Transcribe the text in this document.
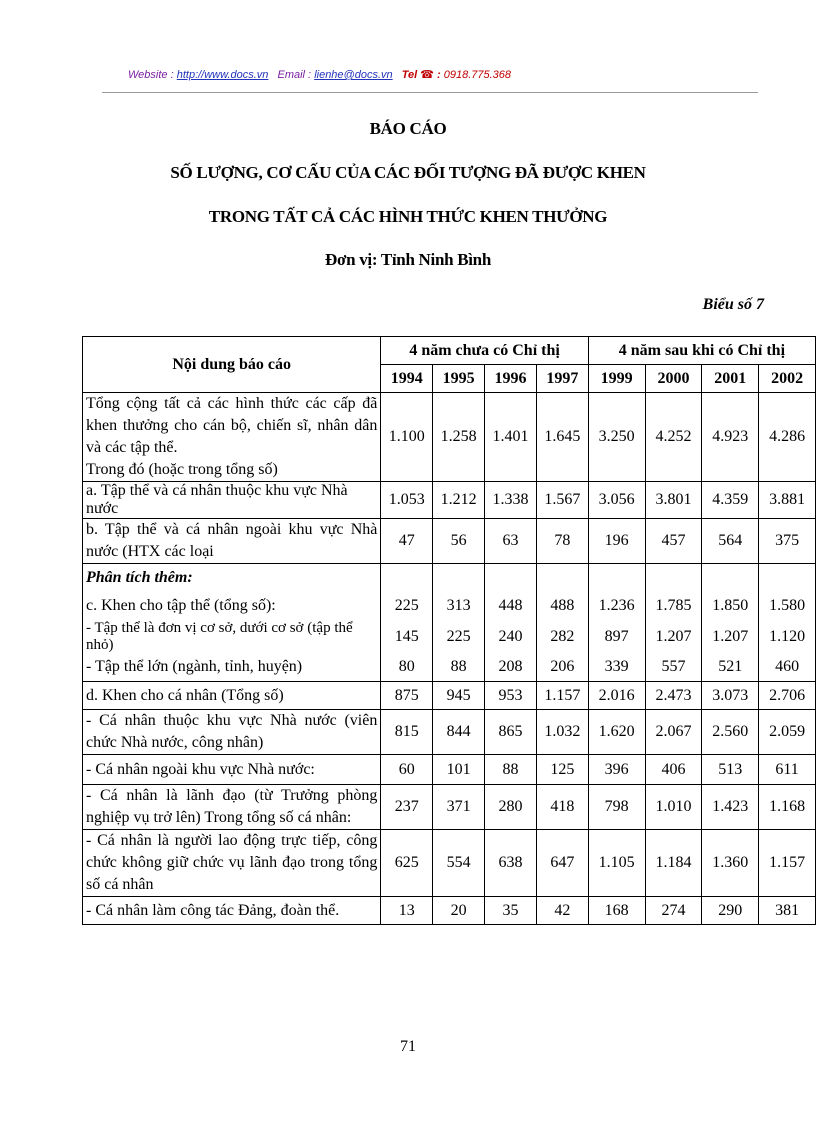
Website : http://www.docs.vn Email : lienhe@docs.vn Tel ☎ : 0918.775.368
BÁO CÁO
SỐ LƯỢNG, CƠ CẤU CỦA CÁC ĐỐI TƯỢNG ĐÃ ĐƯỢC KHEN
TRONG TẤT CẢ CÁC HÌNH THỨC KHEN THƯỞNG
Đơn vị: Tỉnh Ninh Bình
Biểu số 7
Nội dung báo cáo	4 năm chưa có Chỉ thị				4 năm sau khi có Chỉ thị			
	1994	1995	1996	1997	1999	2000	2001	2002

Tổng cộng tất cả các hình thức các cấp đã khen thưởng cho cán bộ, chiến sĩ, nhân dân và các tập thể.
Trong đó (hoặc trong tổng số)	1.100	1.258	1.401	1.645	3.250	4.252	4.923	4.286
a. Tập thể và cá nhân thuộc khu vực Nhà nước	1.053	1.212	1.338	1.567	3.056	3.801	4.359	3.881
b. Tập thể và cá nhân ngoài khu vực Nhà nước (HTX các loại	47	56	63	78	196	457	564	375
Phân tích thêm:								
c. Khen cho tập thể (tổng số):	225	313	448	488	1.236	1.785	1.850	1.580
- Tập thể là đơn vị cơ sở, dưới cơ sở (tập thể nhỏ)	145	225	240	282	897	1.207	1.207	1.120
- Tập thể lớn (ngành, tỉnh, huyện)	80	88	208	206	339	557	521	460
d. Khen cho cá nhân (Tổng số)	875	945	953	1.157	2.016	2.473	3.073	2.706
- Cá nhân thuộc khu vực Nhà nước (viên chức Nhà nước, công nhân)	815	844	865	1.032	1.620	2.067	2.560	2.059
- Cá nhân ngoài khu vực Nhà nước:	60	101	88	125	396	406	513	611
- Cá nhân là lãnh đạo (từ Trưởng phòng nghiệp vụ trở lên) Trong tổng số cá nhân:	237	371	280	418	798	1.010	1.423	1.168
- Cá nhân là người lao động trực tiếp, công chức không giữ chức vụ lãnh đạo trong tổng số cá nhân	625	554	638	647	1.105	1.184	1.360	1.157
- Cá nhân làm công tác Đảng, đoàn thể.	13	20	35	42	168	274	290	381
71
